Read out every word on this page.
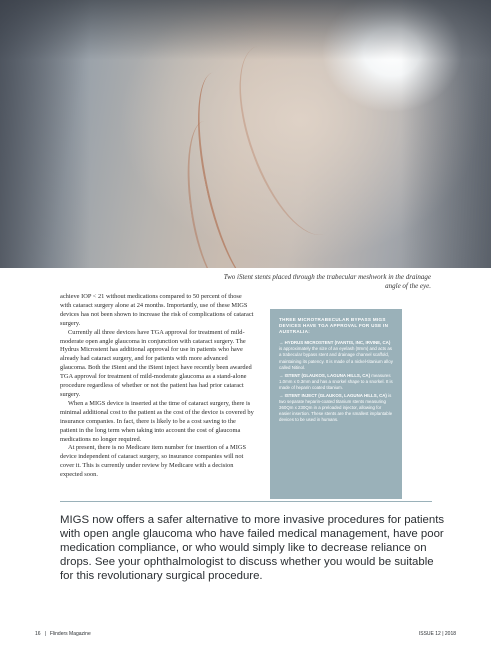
Two iStent stents placed through the trabecular meshwork in the drainage angle of the eye.

achieve IOP < 21 without medications compared to 50 percent of those with cataract surgery alone at 24 months. Importantly, use of these MIGS devices has not been shown to increase the risk of complications of cataract surgery.

Currently all three devices have TGA approval for treatment of mild-moderate open angle glaucoma in conjunction with cataract surgery. The Hydrus Microstent has additional approval for use in patients who have already had cataract surgery, and for patients with more advanced glaucoma. Both the iStent and the iStent inject have recently been awarded TGA approval for treatment of mild-moderate glaucoma as a stand-alone procedure regardless of whether or not the patient has had prior cataract surgery.

When a MIGS device is inserted at the time of cataract surgery, there is minimal additional cost to the patient as the cost of the device is covered by insurance companies. In fact, there is likely to be a cost saving to the patient in the long term when taking into account the cost of glaucoma medications no longer required.

At present, there is no Medicare item number for insertion of a MIGS device independent of cataract surgery, so insurance companies will not cover it. This is currently under review by Medicare with a decision expected soon.

THREE MICROTRABECULAR BYPASS MIGS DEVICES HAVE TGA APPROVAL FOR USE IN AUSTRALIA:
→ HYDRUS MICROSTENT (IVANTIS, INC, IRVINE, CA) is approximately the size of an eyelash (8mm) and acts as a trabecular bypass stent and drainage channel scaffold, maintaining its patency. It is made of a nickel-titanium alloy called Nitinol.
→ ISTENT (GLAUKOS, LAGUNA HILLS, CA) measures 1.0mm x 0.3mm and has a snorkel shape to a snorkel. It is made of heparin coated titanium.
→ ISTENT INJECT (GLAUKOS, LAGUNA HILLS, CA) is two separate heparin-coated titanium stents measuring 360Qm x 230Qm in a preloaded injector, allowing for easier insertion. These stents are the smallest implantable devices to be used in humans.
MIGS now offers a safer alternative to more invasive procedures for patients with open angle glaucoma who have failed medical management, have poor medication compliance, or who would simply like to decrease reliance on drops. See your ophthalmologist to discuss whether you would be suitable for this revolutionary surgical procedure.
16 | Flinders Magazine	ISSUE 12 | 2018
